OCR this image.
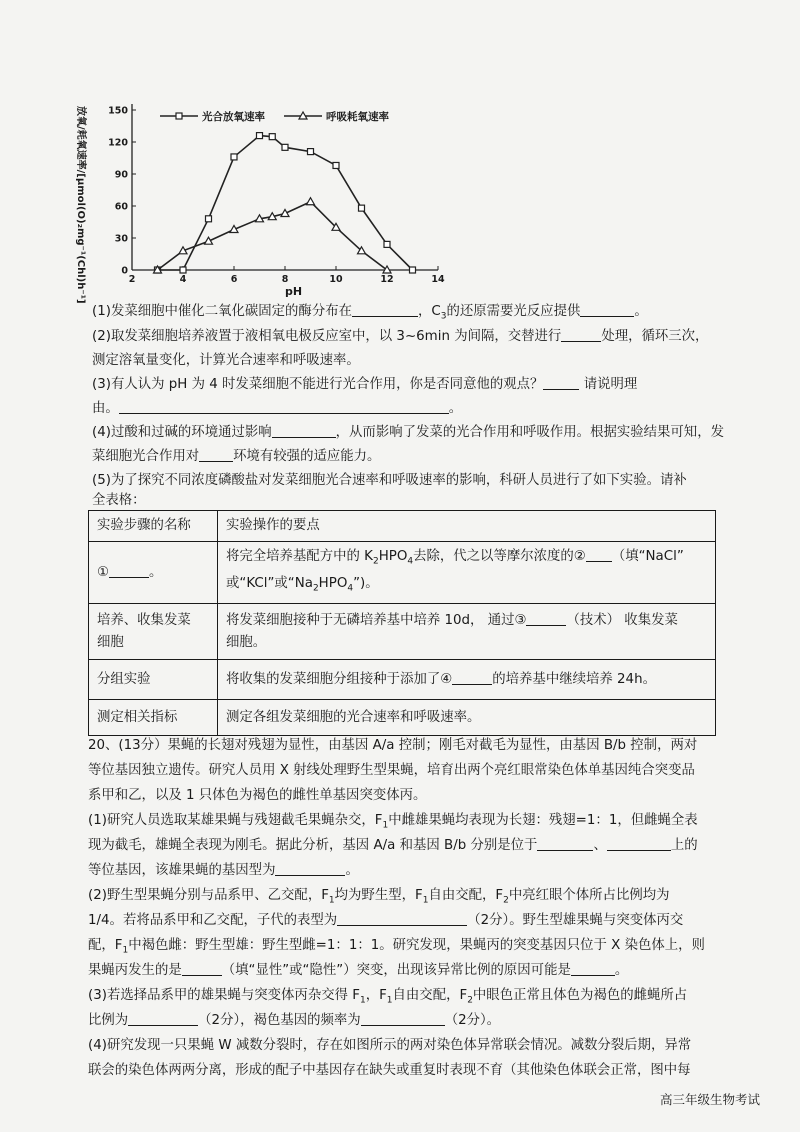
放氧/耗氧速率/[μmol(O)₂mg⁻¹(Chl)h⁻¹]	pH
2	4	6	8	10	12	14
0
30
60
90
120
150	光合放氧速率	呼吸耗氧速率
(1)发菜细胞中催化二氧化碳固定的酶分布在	，$C_3$的还原需要光反应提供	。
(2)取发菜细胞培养液置于液相氧电极反应室中，以 3~6min 为间隔，交替进行	处理，循环三次，
测定溶氧量变化，计算光合速率和呼吸速率。
(3)有人认为 pH 为 4 时发菜细胞不能进行光合作用，你是否同意他的观点？	请说明理
由。	。
(4)过酸和过碱的环境通过影响	，从而影响了发菜的光合作用和呼吸作用。根据实验结果可知，发
菜细胞光合作用对	环境有较强的适应能力。
(5)为了探究不同浓度磷酸盐对发菜细胞光合速率和呼吸速率的影响，科研人员进行了如下实验。请补
全表格：
实验步骤的名称	实验操作的要点
① 。	将完全培养基配方中的 $K_2HPO_4$去除，代之以等摩尔浓度的② （填“NaCl”
或“KCl”或“$Na_2HPO_4$”)。
培养、收集发菜
细胞	将发菜细胞接种于无磷培养基中培养 10d， 通过③ （技术） 收集发菜
细胞。
分组实验	将收集的发菜细胞分组接种于添加了④ 的培养基中继续培养 24h。
测定相关指标	测定各组发菜细胞的光合速率和呼吸速率。
20、(13分）果蝇的长翅对残翅为显性，由基因 A/a 控制；刚毛对截毛为显性，由基因 B/b 控制，两对
等位基因独立遗传。研究人员用 X 射线处理野生型果蝇，培育出两个亮红眼常染色体单基因纯合突变品
系甲和乙，以及 1 只体色为褐色的雌性单基因突变体丙。
(1)研究人员选取某雄果蝇与残翅截毛果蝇杂交，$F_1$中雌雄果蝇均表现为长翅：残翅=1：1，但雌蝇全表
现为截毛，雄蝇全表现为刚毛。据此分析，基因 A/a 和基因 B/b 分别是位于	、	上的
等位基因，该雄果蝇的基因型为	。
(2)野生型果蝇分别与品系甲、乙交配，$F_1$均为野生型，$F_1$自由交配，$F_2$中亮红眼个体所占比例均为
1/4。若将品系甲和乙交配，子代的表型为	（2分）。野生型雄果蝇与突变体丙交
配，$F_1$中褐色雌：野生型雄：野生型雌=1：1：1。研究发现，果蝇丙的突变基因只位于 X 染色体上，则
果蝇丙发生的是	（填“显性”或“隐性”）突变，出现该异常比例的原因可能是	。
(3)若选择品系甲的雄果蝇与突变体丙杂交得 $F_1$，$F_1$自由交配，$F_2$中眼色正常且体色为褐色的雌蝇所占
比例为	（2分），褐色基因的频率为	（2分）。
(4)研究发现一只果蝇 W 减数分裂时，存在如图所示的两对染色体异常联会情况。减数分裂后期，异常
联会的染色体两两分离，形成的配子中基因存在缺失或重复时表现不育（其他染色体联会正常，图中每
高三年级生物考试
